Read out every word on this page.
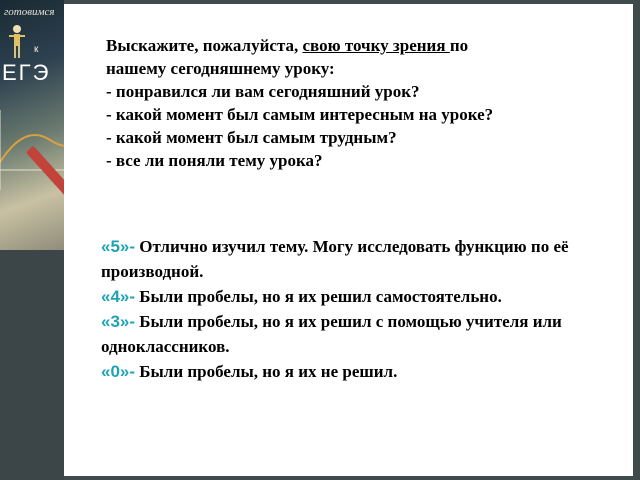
готовимся
к
ЕГЭ
Выскажите, пожалуйста, свою точку зрения по
нашему сегодняшнему уроку:
- понравился ли вам сегодняшний урок?
- какой момент был самым интересным на уроке?
- какой момент был самым трудным?
- все ли поняли тему урока?
«5»- Отлично изучил тему. Могу исследовать функцию по её производной.
«4»- Были пробелы, но я их решил самостоятельно.
«3»- Были пробелы, но я их решил с помощью учителя или одноклассников.
«0»- Были пробелы, но я их не решил.
